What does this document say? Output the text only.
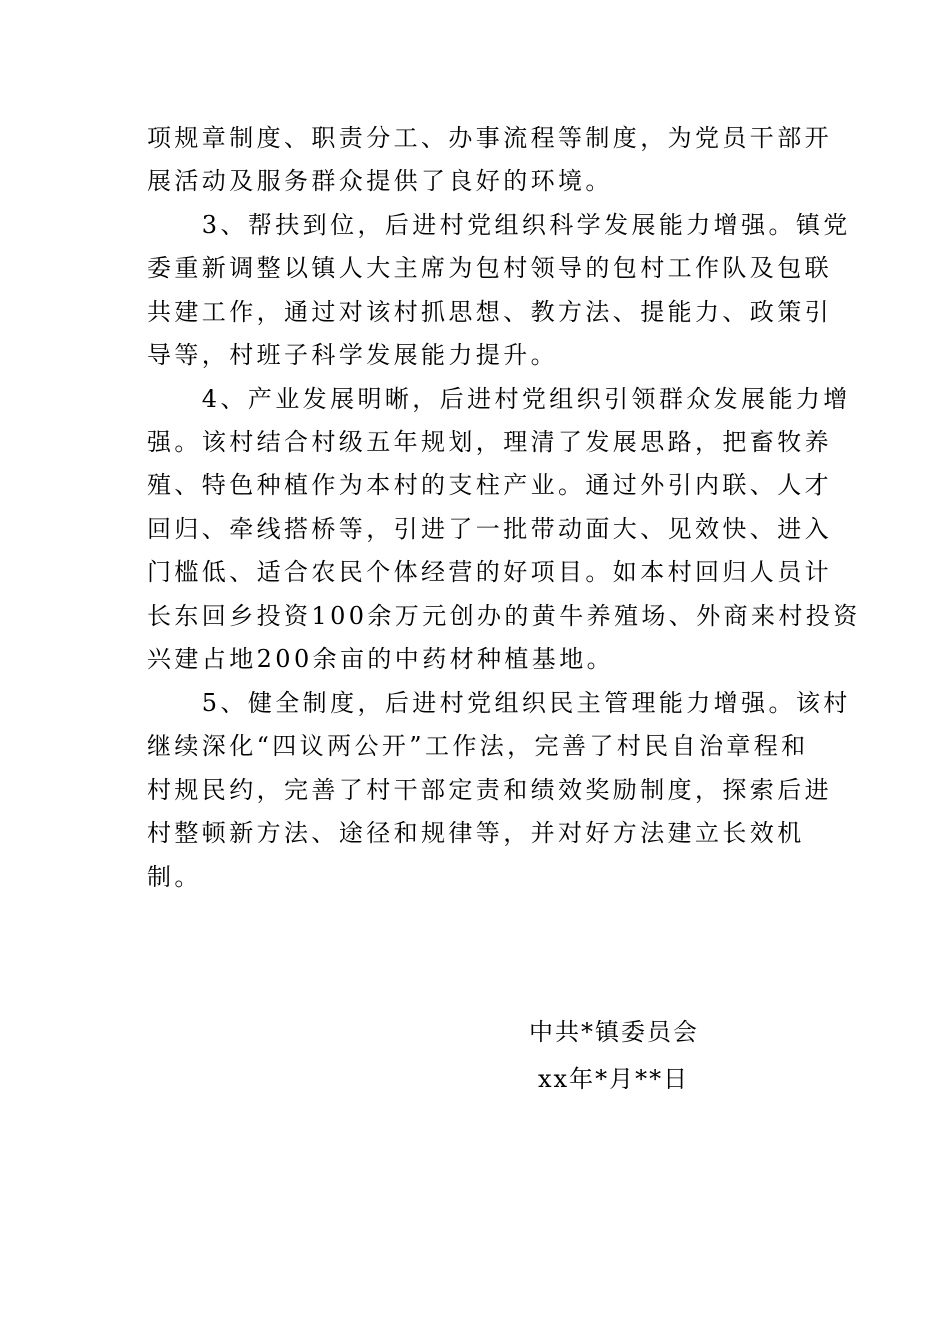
项规章制度、职责分工、办事流程等制度，为党员干部开
展活动及服务群众提供了良好的环境。
　　3、帮扶到位，后进村党组织科学发展能力增强。镇党
委重新调整以镇人大主席为包村领导的包村工作队及包联
共建工作，通过对该村抓思想、教方法、提能力、政策引
导等，村班子科学发展能力提升。
　　4、产业发展明晰，后进村党组织引领群众发展能力增
强。该村结合村级五年规划，理清了发展思路，把畜牧养
殖、特色种植作为本村的支柱产业。通过外引内联、人才
回归、牵线搭桥等，引进了一批带动面大、见效快、进入
门槛低、适合农民个体经营的好项目。如本村回归人员计
长东回乡投资100余万元创办的黄牛养殖场、外商来村投资
兴建占地200余亩的中药材种植基地。
　　5、健全制度，后进村党组织民主管理能力增强。该村
继续深化“四议两公开”工作法，完善了村民自治章程和
村规民约，完善了村干部定责和绩效奖励制度，探索后进
村整顿新方法、途径和规律等，并对好方法建立长效机
制。
中共*镇委员会
xx年*月**日
